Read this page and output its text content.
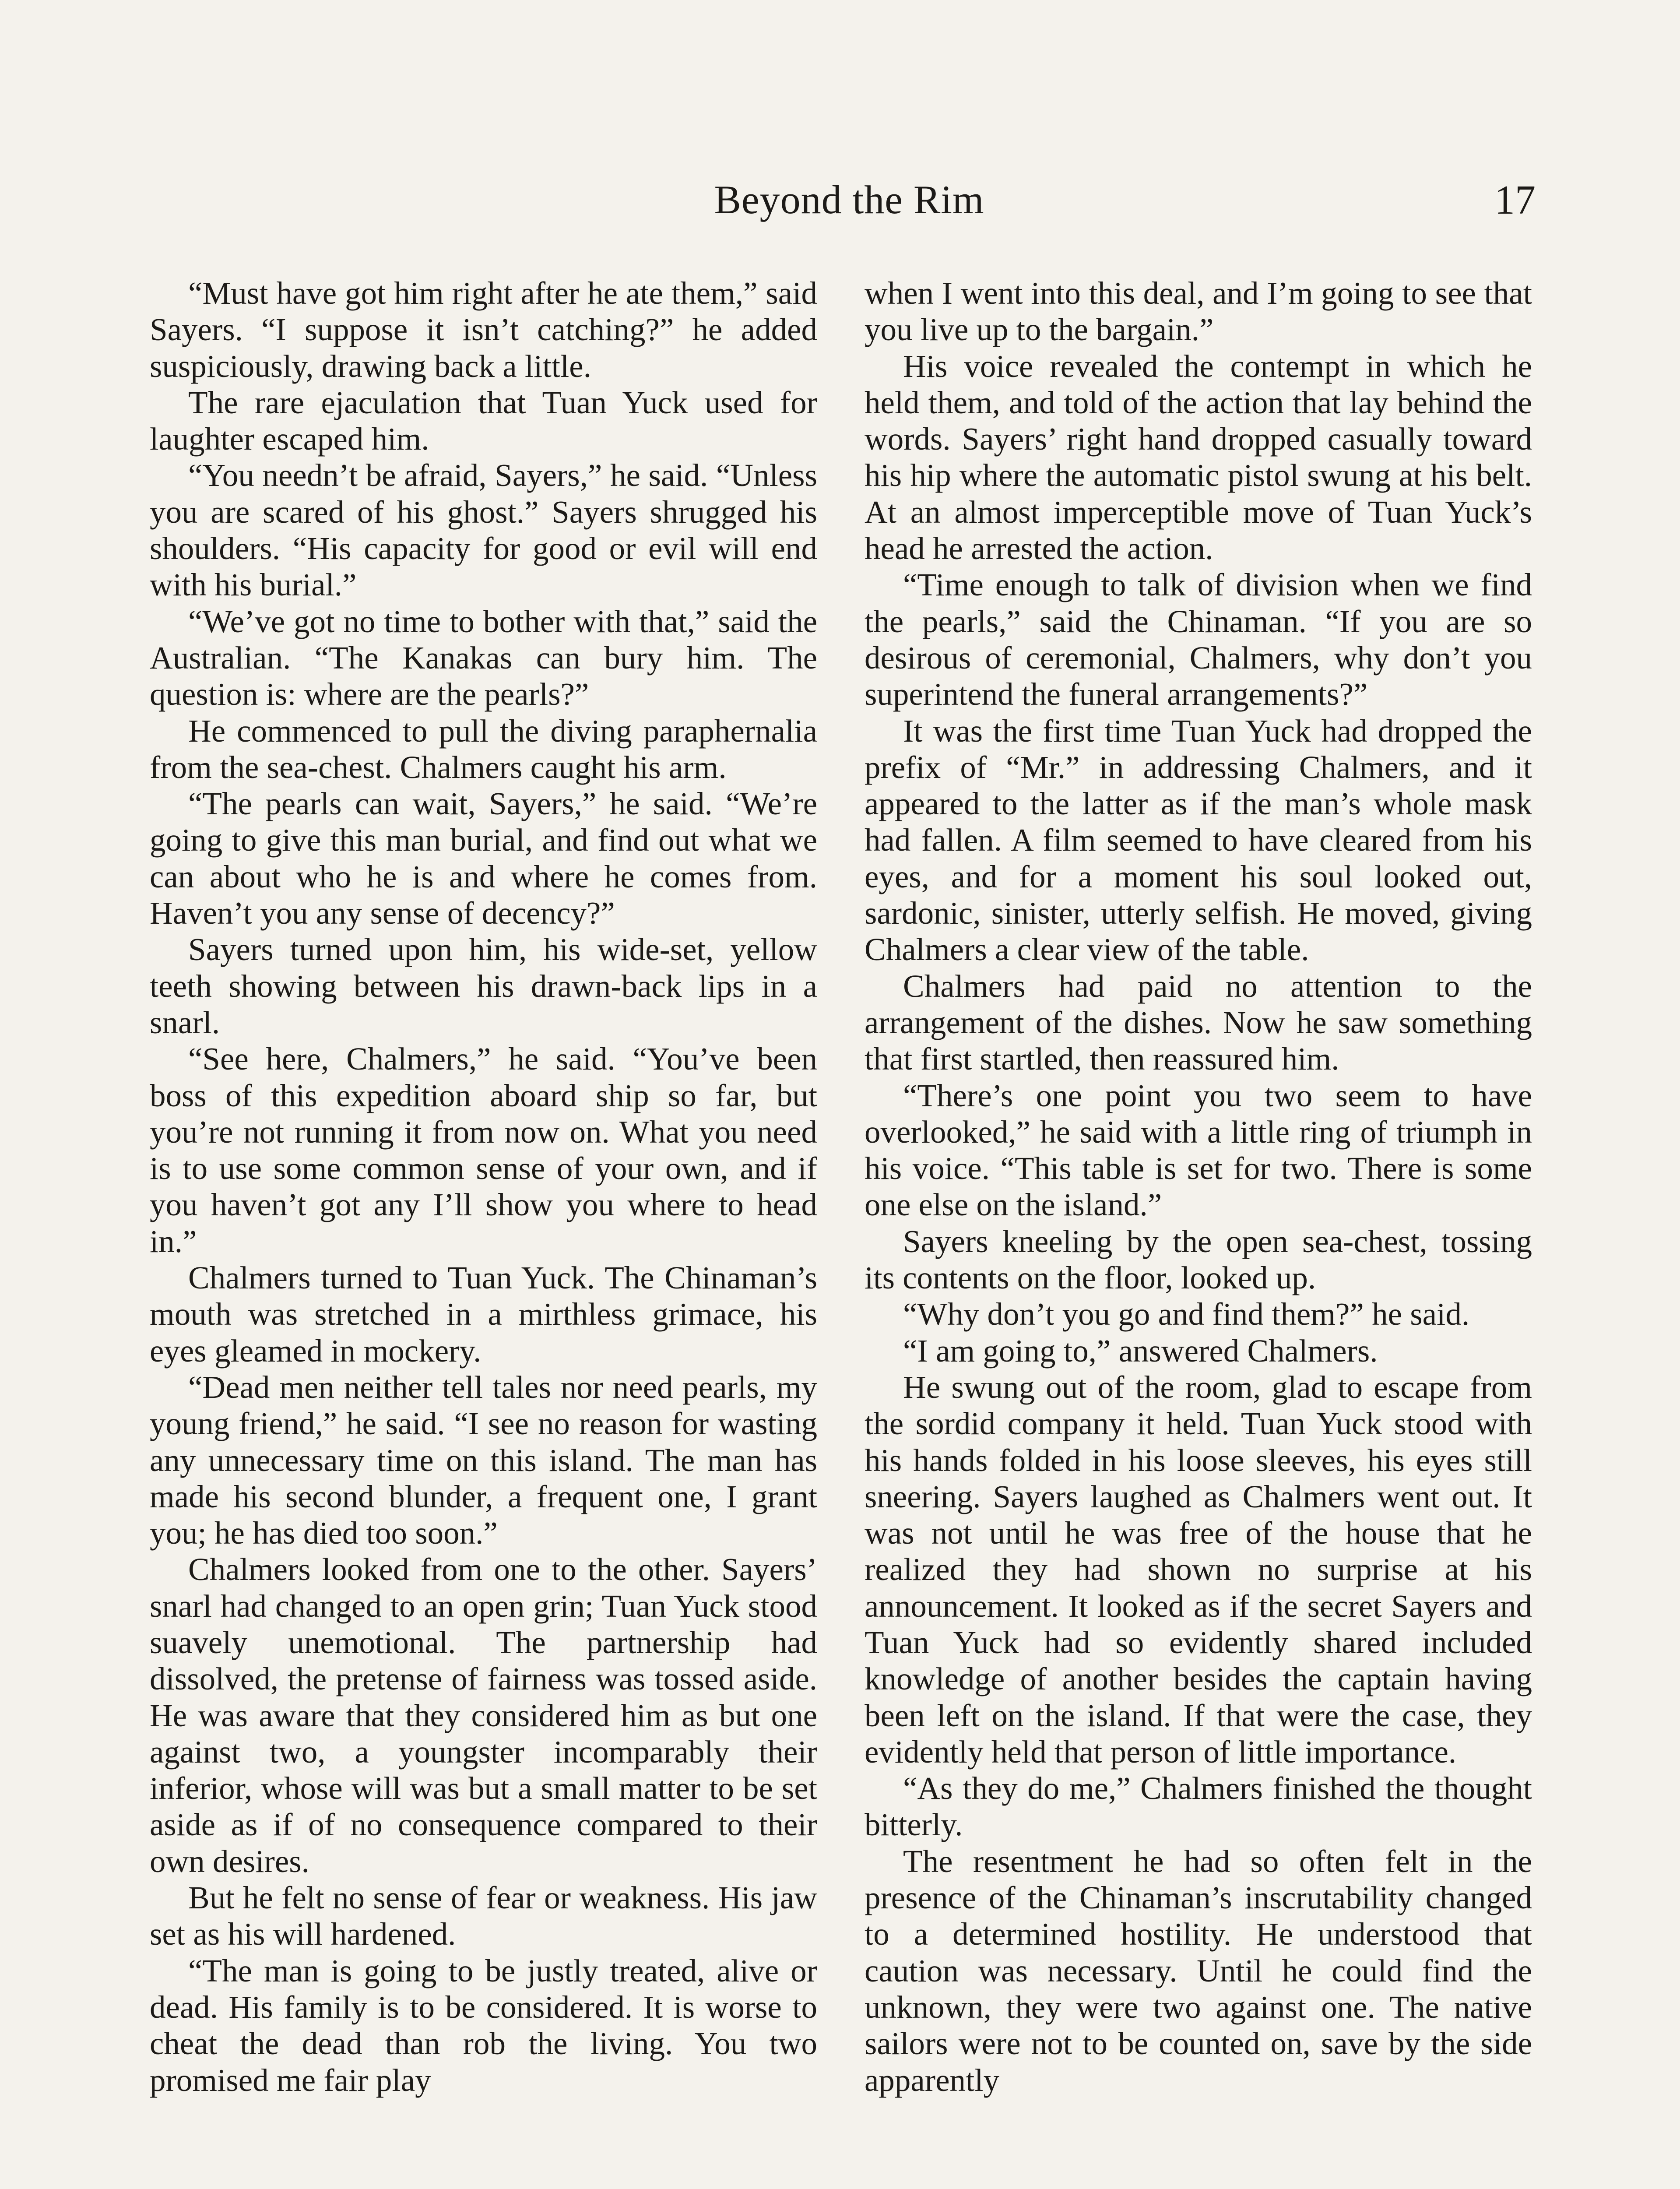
Beyond the Rim	17

“Must have got him right after he ate them,” said Sayers. “I suppose it isn’t catching?” he added suspiciously, drawing back a little.

The rare ejaculation that Tuan Yuck used for laughter escaped him.

“You needn’t be afraid, Sayers,” he said. “Unless you are scared of his ghost.” Sayers shrugged his shoulders. “His capacity for good or evil will end with his burial.”

“We’ve got no time to bother with that,” said the Australian. “The Kanakas can bury him. The question is: where are the pearls?”

He commenced to pull the diving paraphernalia from the sea-chest. Chalmers caught his arm.

“The pearls can wait, Sayers,” he said. “We’re going to give this man burial, and find out what we can about who he is and where he comes from. Haven’t you any sense of decency?”

Sayers turned upon him, his wide-set, yellow teeth showing between his drawn-back lips in a snarl.

“See here, Chalmers,” he said. “You’ve been boss of this expedition aboard ship so far, but you’re not running it from now on. What you need is to use some common sense of your own, and if you haven’t got any I’ll show you where to head in.”

Chalmers turned to Tuan Yuck. The Chinaman’s mouth was stretched in a mirthless grimace, his eyes gleamed in mockery.

“Dead men neither tell tales nor need pearls, my young friend,” he said. “I see no reason for wasting any unnecessary time on this island. The man has made his second blunder, a frequent one, I grant you; he has died too soon.”

Chalmers looked from one to the other. Sayers’ snarl had changed to an open grin; Tuan Yuck stood suavely unemotional. The partnership had dissolved, the pretense of fairness was tossed aside. He was aware that they considered him as but one against two, a youngster incomparably their inferior, whose will was but a small matter to be set aside as if of no consequence compared to their own desires.

But he felt no sense of fear or weakness. His jaw set as his will hardened.

“The man is going to be justly treated, alive or dead. His family is to be considered. It is worse to cheat the dead than rob the living. You two promised me fair play

when I went into this deal, and I’m going to see that you live up to the bargain.”

His voice revealed the contempt in which he held them, and told of the action that lay behind the words. Sayers’ right hand dropped casually toward his hip where the automatic pistol swung at his belt. At an almost imperceptible move of Tuan Yuck’s head he arrested the action.

“Time enough to talk of division when we find the pearls,” said the Chinaman. “If you are so desirous of ceremonial, Chalmers, why don’t you superintend the funeral arrangements?”

It was the first time Tuan Yuck had dropped the prefix of “Mr.” in addressing Chalmers, and it appeared to the latter as if the man’s whole mask had fallen. A film seemed to have cleared from his eyes, and for a moment his soul looked out, sardonic, sinister, utterly selfish. He moved, giving Chalmers a clear view of the table.

Chalmers had paid no attention to the arrangement of the dishes. Now he saw something that first startled, then reassured him.

“There’s one point you two seem to have overlooked,” he said with a little ring of triumph in his voice. “This table is set for two. There is some one else on the island.”

Sayers kneeling by the open sea-chest, tossing its contents on the floor, looked up.

“Why don’t you go and find them?” he said.

“I am going to,” answered Chalmers.

He swung out of the room, glad to escape from the sordid company it held. Tuan Yuck stood with his hands folded in his loose sleeves, his eyes still sneering. Sayers laughed as Chalmers went out. It was not until he was free of the house that he realized they had shown no surprise at his announcement. It looked as if the secret Sayers and Tuan Yuck had so evidently shared included knowledge of another besides the captain having been left on the island. If that were the case, they evidently held that person of little importance.

“As they do me,” Chalmers finished the thought bitterly.

The resentment he had so often felt in the presence of the Chinaman’s inscrutability changed to a determined hostility. He understood that caution was necessary. Until he could find the unknown, they were two against one. The native sailors were not to be counted on, save by the side apparently
